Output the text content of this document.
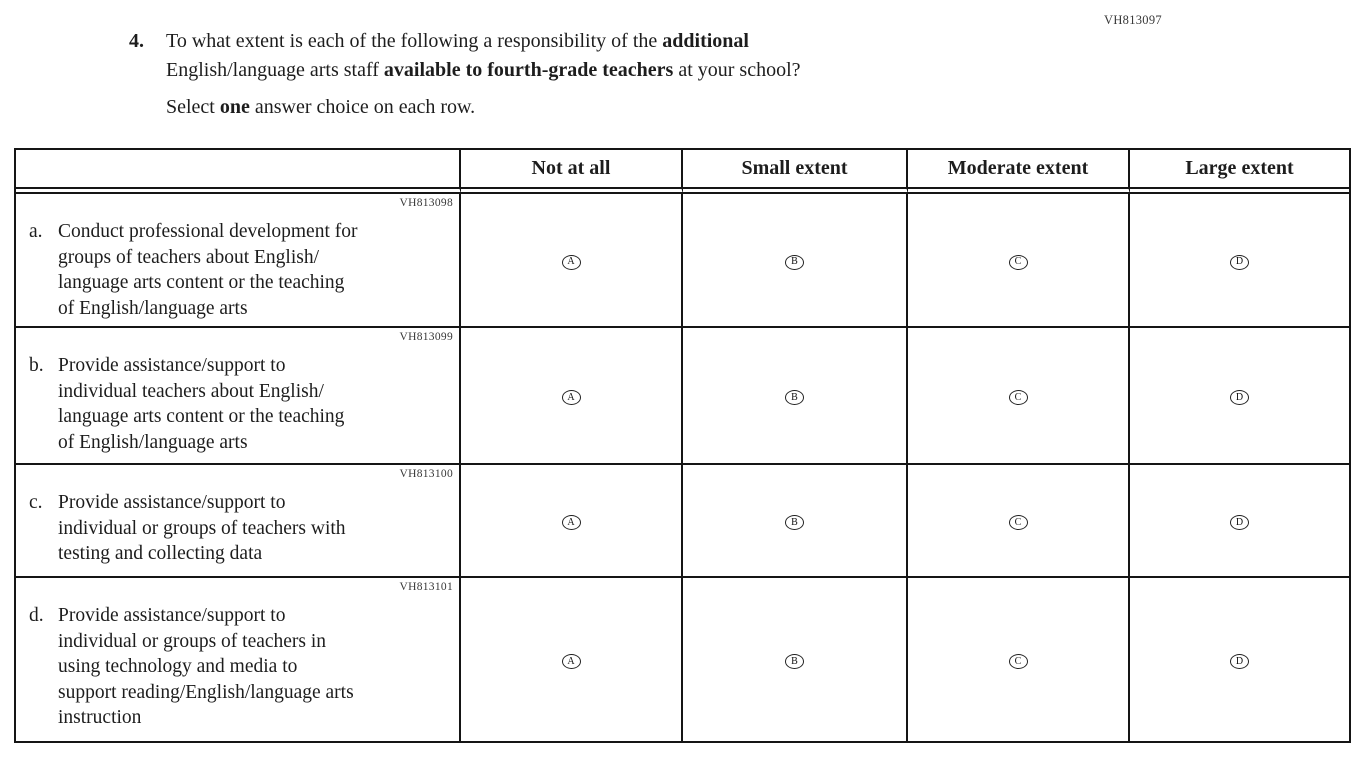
VH813097
4.	To what extent is each of the following a responsibility of the additional
English/language arts staff available to fourth-grade teachers at your school?
Select one answer choice on each row.
Not at all	Small extent	Moderate extent	Large extent
VH813098
a. Conduct professional development for
groups of teachers about English/
language arts content or the teaching
of English/language arts
A	B	C	D
VH813099
b. Provide assistance/support to
individual teachers about English/
language arts content or the teaching
of English/language arts
A	B	C	D
VH813100
c. Provide assistance/support to
individual or groups of teachers with
testing and collecting data
A	B	C	D
VH813101
d. Provide assistance/support to
individual or groups of teachers in
using technology and media to
support reading/English/language arts
instruction
A	B	C	D
